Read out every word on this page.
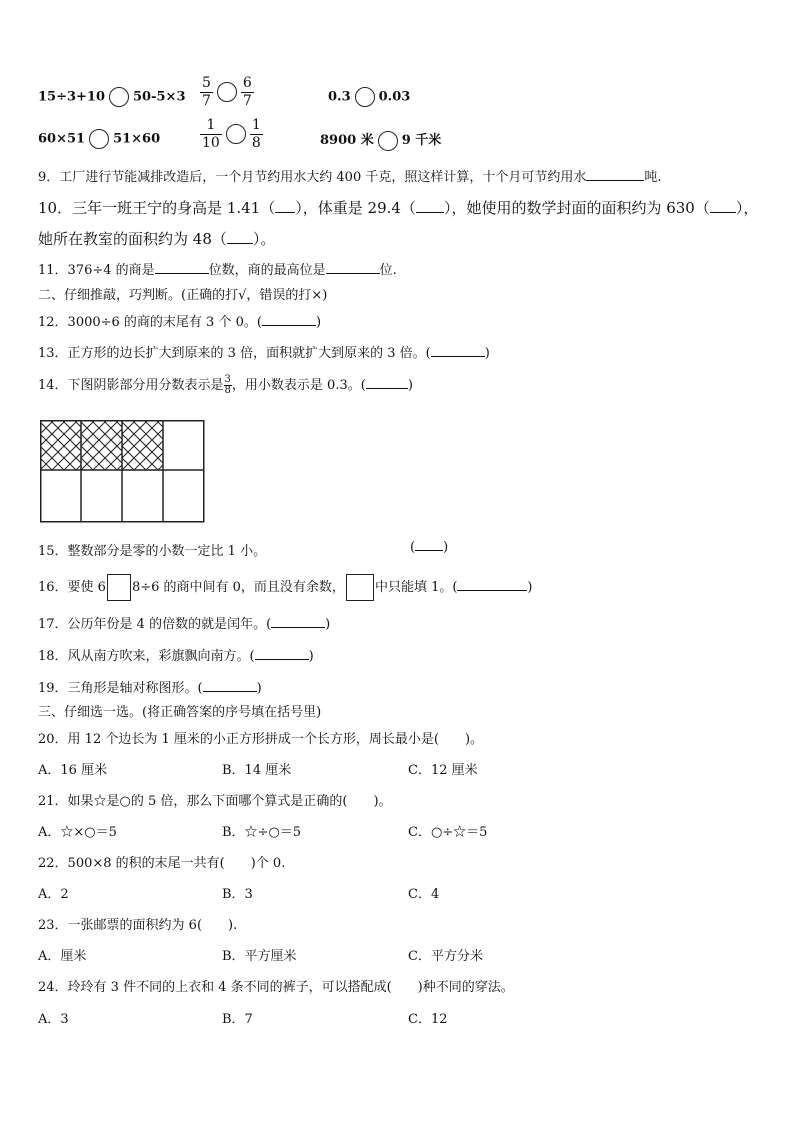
15÷3+10 $50-5\times 3 \frac{5}{7} \frac{6}{7}$	0.3 0.03
60×51 51×60	$\frac{1}{10} \frac{1}{8}$	8900 米 9 千米
9．工厂进行节能减排改造后，一个月节约用水大约 400 千克，照这样计算，十个月可节约用水	吨.
10．三年一班王宁的身高是 1.41（ ），体重是 29.4（ ），她使用的数学封面的面积约为 630（ ），
她所在教室的面积约为 48（ ）。
11．376÷4 的商是	位数，商的最高位是	位.
二、仔细推敲，巧判断。(正确的打√，错误的打×)
12．3000÷6 的商的末尾有 3 个 0。(	)
13．正方形的边长扩大到原来的 3 倍，面积就扩大到原来的 3 倍。(	)
14．下图阴影部分用分数表示是 $\frac{3}{8}$ ，用小数表示是 0.3。(	)
15．整数部分是零的小数一定比 1 小。	( )
16．要使 6 8÷6 的商中间有 0，而且没有余数， 中只能填 1。(	)
17．公历年份是 4 的倍数的就是闰年。(	)
18．风从南方吹来，彩旗飘向南方。(	)
19．三角形是轴对称图形。(	)
三、仔细选一选。(将正确答案的序号填在括号里)
20．用 12 个边长为 1 厘米的小正方形拼成一个长方形，周长最小是(　　)。
A．16 厘米	B．14 厘米	C．12 厘米
21．如果☆是○的 5 倍，那么下面哪个算式是正确的(　　)。
A．☆×○＝5	B．☆÷○＝5	C．○÷☆＝5
22．500×8 的积的末尾一共有(　　)个 0.
A．2	B．3	C．4
23．一张邮票的面积约为 6(　　).
A．厘米	B．平方厘米	C．平方分米
24．玲玲有 3 件不同的上衣和 4 条不同的裤子，可以搭配成(　　)种不同的穿法。
A．3	B．7	C．12
